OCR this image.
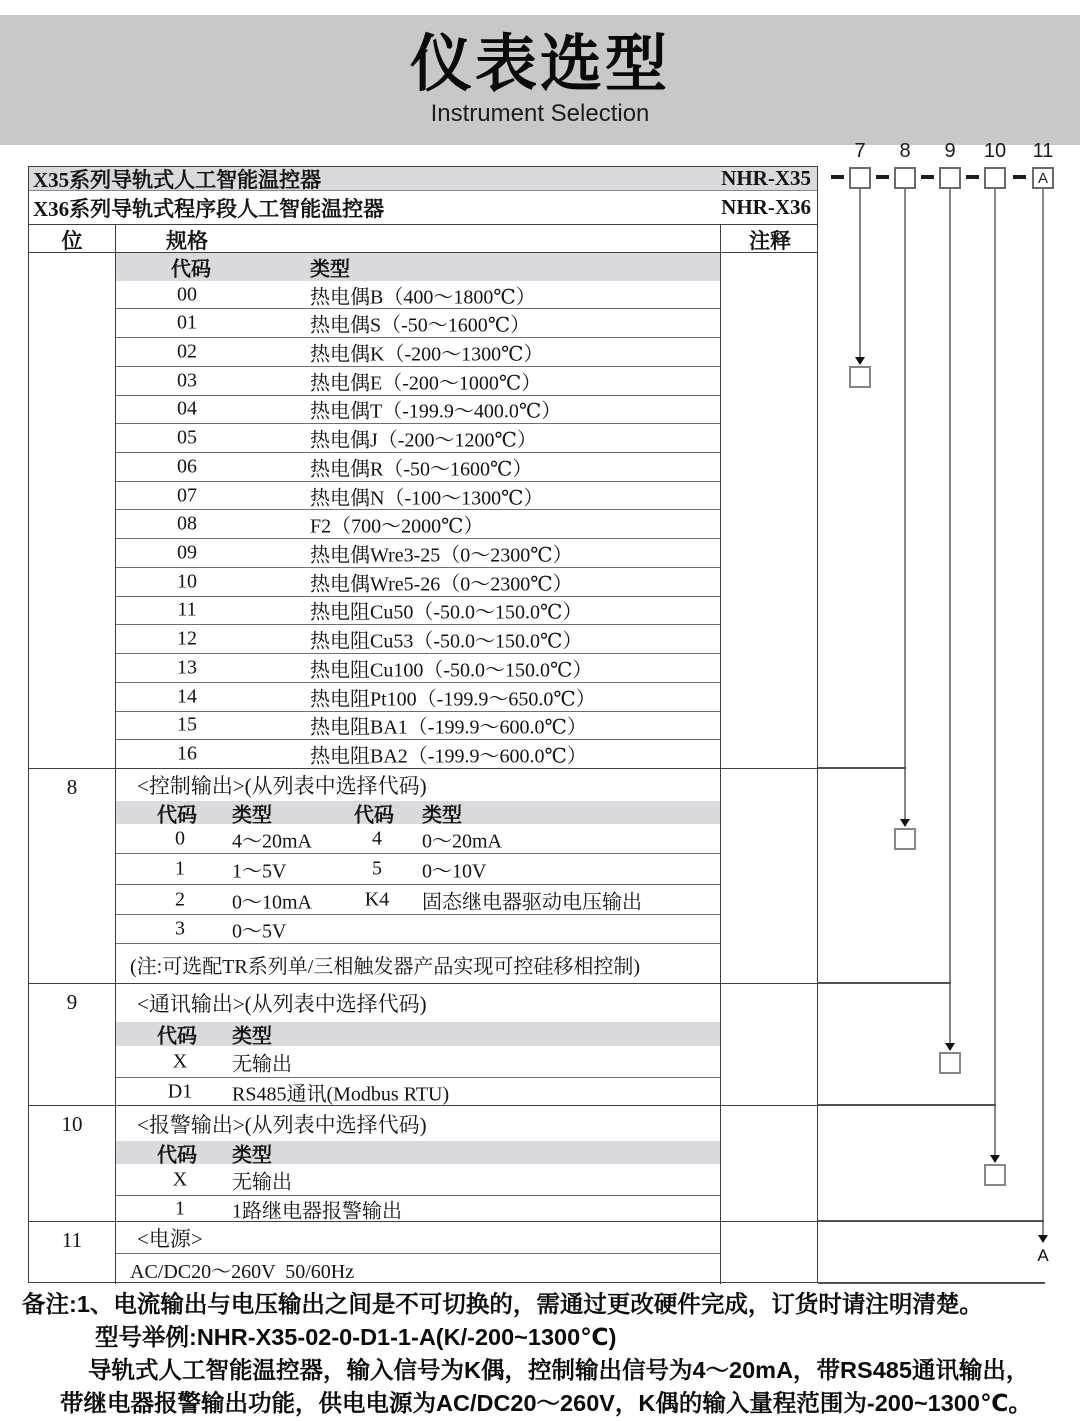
仪表选型
Instrument Selection
X35系列导轨式人工智能温控器	NHR-X35
X36系列导轨式程序段人工智能温控器	NHR-X36
位	规格	注释
代码	类型
00	热电偶B（400～1800℃）
01	热电偶S（-50～1600℃）
02	热电偶K（-200～1300℃）
03	热电偶E（-200～1000℃）
04	热电偶T（-199.9～400.0℃）
05	热电偶J（-200～1200℃）
06	热电偶R（-50～1600℃）
07	热电偶N（-100～1300℃）
08	F2（700～2000℃）
09	热电偶Wre3-25（0～2300℃）
10	热电偶Wre5-26（0～2300℃）
11	热电阻Cu50（-50.0～150.0℃）
12	热电阻Cu53（-50.0～150.0℃）
13	热电阻Cu100（-50.0～150.0℃）
14	热电阻Pt100（-199.9～650.0℃）
15	热电阻BA1（-199.9～600.0℃）
16	热电阻BA2（-199.9～600.0℃）
8	<控制输出>(从列表中选择代码)
代码 类型	代码 类型
0	4～20mA	4	0～20mA
1	1～5V	5	0～10V
2	0～10mA	K4	固态继电器驱动电压输出
3	0～5V
(注:可选配TR系列单/三相触发器产品实现可控硅移相控制)
9	<通讯输出>(从列表中选择代码)
代码 类型
X	无输出
D1	RS485通讯(Modbus RTU)
10	<报警输出>(从列表中选择代码)
代码 类型
X	无输出
1	1路继电器报警输出
11	<电源>
AC/DC20～260V  50/60Hz
7	8	9	10	11
A
A
备注:1、电流输出与电压输出之间是不可切换的，需通过更改硬件完成，订货时请注明清楚。
型号举例:NHR-X35-02-0-D1-1-A(K/-200~1300℃)
导轨式人工智能温控器，输入信号为K偶，控制输出信号为4～20mA，带RS485通讯输出，
带继电器报警输出功能，供电电源为AC/DC20～260V，K偶的输入量程范围为-200~1300℃。
